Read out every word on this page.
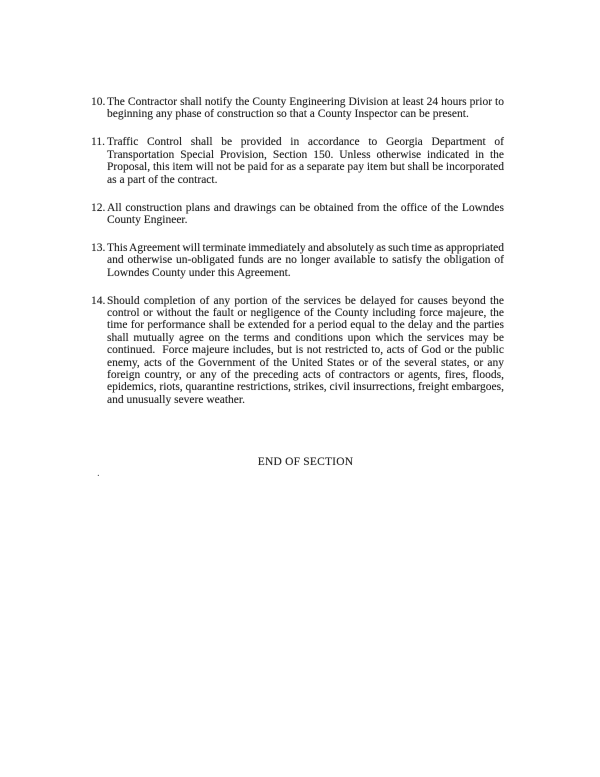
10. The Contractor shall notify the County Engineering Division at least 24 hours prior to
beginning any phase of construction so that a County Inspector can be present.
11. Traffic Control shall be provided in accordance to Georgia Department of
Transportation Special Provision, Section 150. Unless otherwise indicated in the
Proposal, this item will not be paid for as a separate pay item but shall be incorporated
as a part of the contract.
12. All construction plans and drawings can be obtained from the office of the Lowndes
County Engineer.
13. This Agreement will terminate immediately and absolutely as such time as appropriated
and otherwise un-obligated funds are no longer available to satisfy the obligation of
Lowndes County under this Agreement.
14. Should completion of any portion of the services be delayed for causes beyond the
control or without the fault or negligence of the County including force majeure, the
time for performance shall be extended for a period equal to the delay and the parties
shall mutually agree on the terms and conditions upon which the services may be
continued.  Force majeure includes, but is not restricted to, acts of God or the public
enemy, acts of the Government of the United States or of the several states, or any
foreign country, or any of the preceding acts of contractors or agents, fires, floods,
epidemics, riots, quarantine restrictions, strikes, civil insurrections, freight embargoes,
and unusually severe weather.
END OF SECTION
.
